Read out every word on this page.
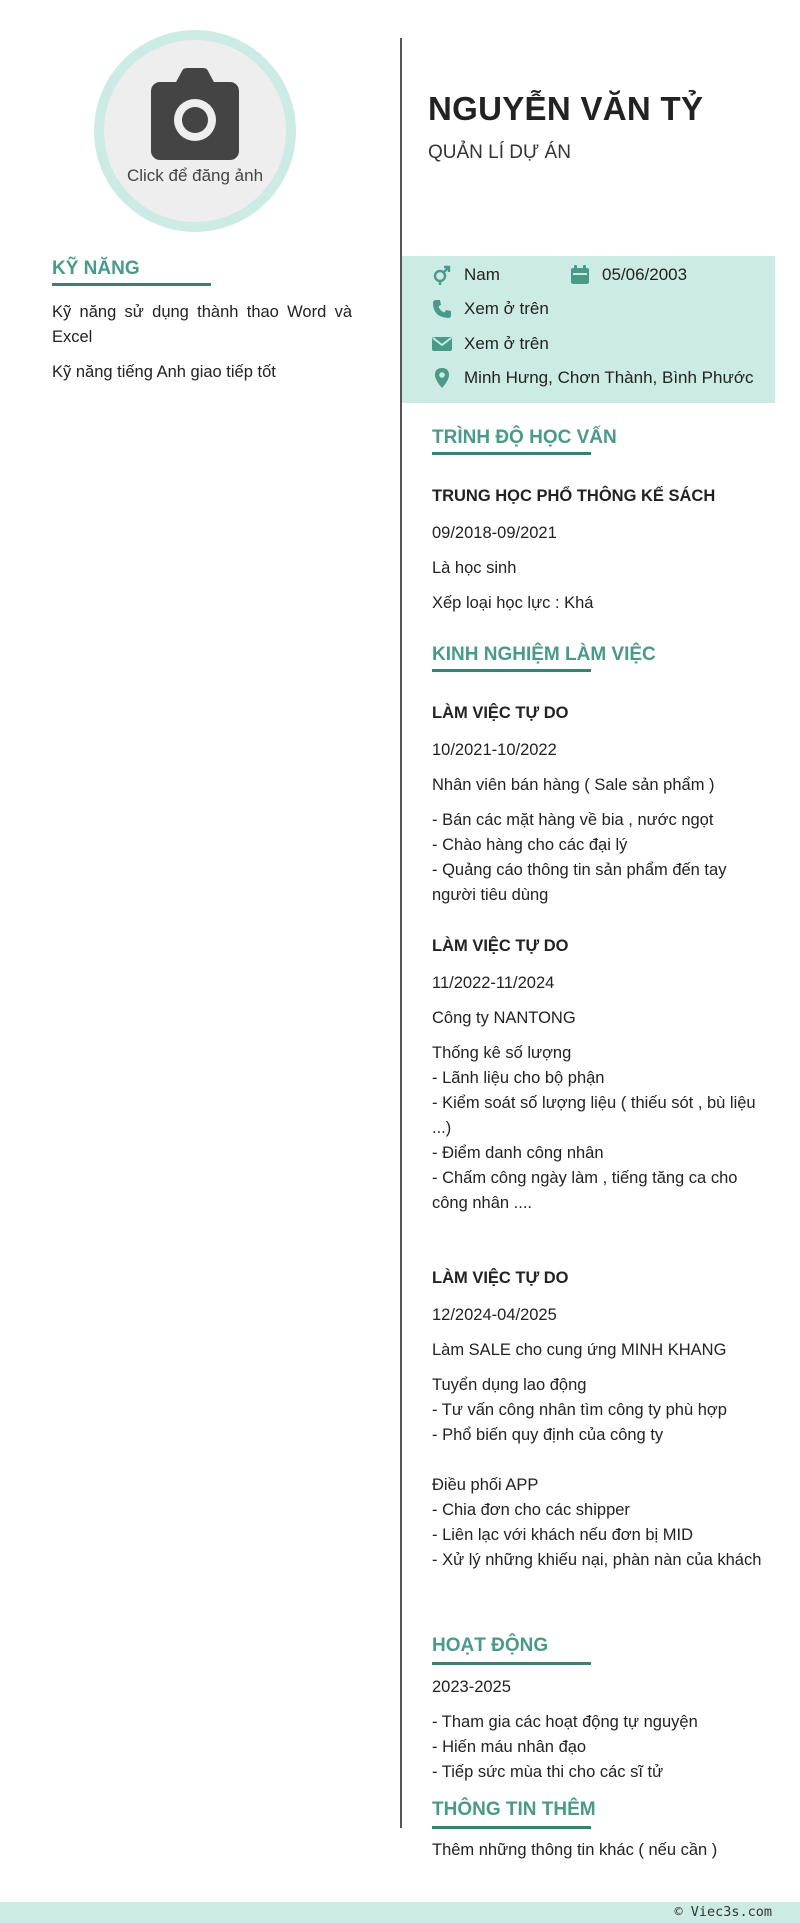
Click để đăng ảnh
KỸ NĂNG
Kỹ năng sử dụng thành thao Word và Excel
Kỹ năng tiếng Anh giao tiếp tốt
NGUYỄN VĂN TỶ
QUẢN LÍ DỰ ÁN
Nam	05/06/2003
Xem ở trên
Xem ở trên
Minh Hưng, Chơn Thành, Bình Phước
TRÌNH ĐỘ HỌC VẤN
TRUNG HỌC PHỔ THÔNG KẾ SÁCH
09/2018-09/2021
Là học sinh
Xếp loại học lực : Khá
KINH NGHIỆM LÀM VIỆC
LÀM VIỆC TỰ DO
10/2021-10/2022
Nhân viên bán hàng ( Sale sản phẩm )
- Bán các mặt hàng về bia , nước ngọt
- Chào hàng cho các đại lý
- Quảng cáo thông tin sản phẩm đến tay người tiêu dùng
LÀM VIỆC TỰ DO
11/2022-11/2024
Công ty NANTONG
Thống kê số lượng
- Lãnh liệu cho bộ phận
- Kiểm soát số lượng liệu ( thiếu sót , bù liệu ...)
- Điểm danh công nhân
- Chấm công ngày làm , tiếng tăng ca cho công nhân ....
LÀM VIỆC TỰ DO
12/2024-04/2025
Làm SALE cho cung ứng MINH KHANG
Tuyển dụng lao động
- Tư vấn công nhân tìm công ty phù hợp
- Phổ biến quy định của công ty

Điều phối APP
- Chia đơn cho các shipper
- Liên lạc với khách nếu đơn bị MID
- Xử lý những khiếu nại, phàn nàn của khách
HOẠT ĐỘNG
2023-2025
- Tham gia các hoạt động tự nguyện
- Hiến máu nhân đạo
- Tiếp sức mùa thi cho các sĩ tử
THÔNG TIN THÊM
Thêm những thông tin khác ( nếu cần )
© Viec3s.com
